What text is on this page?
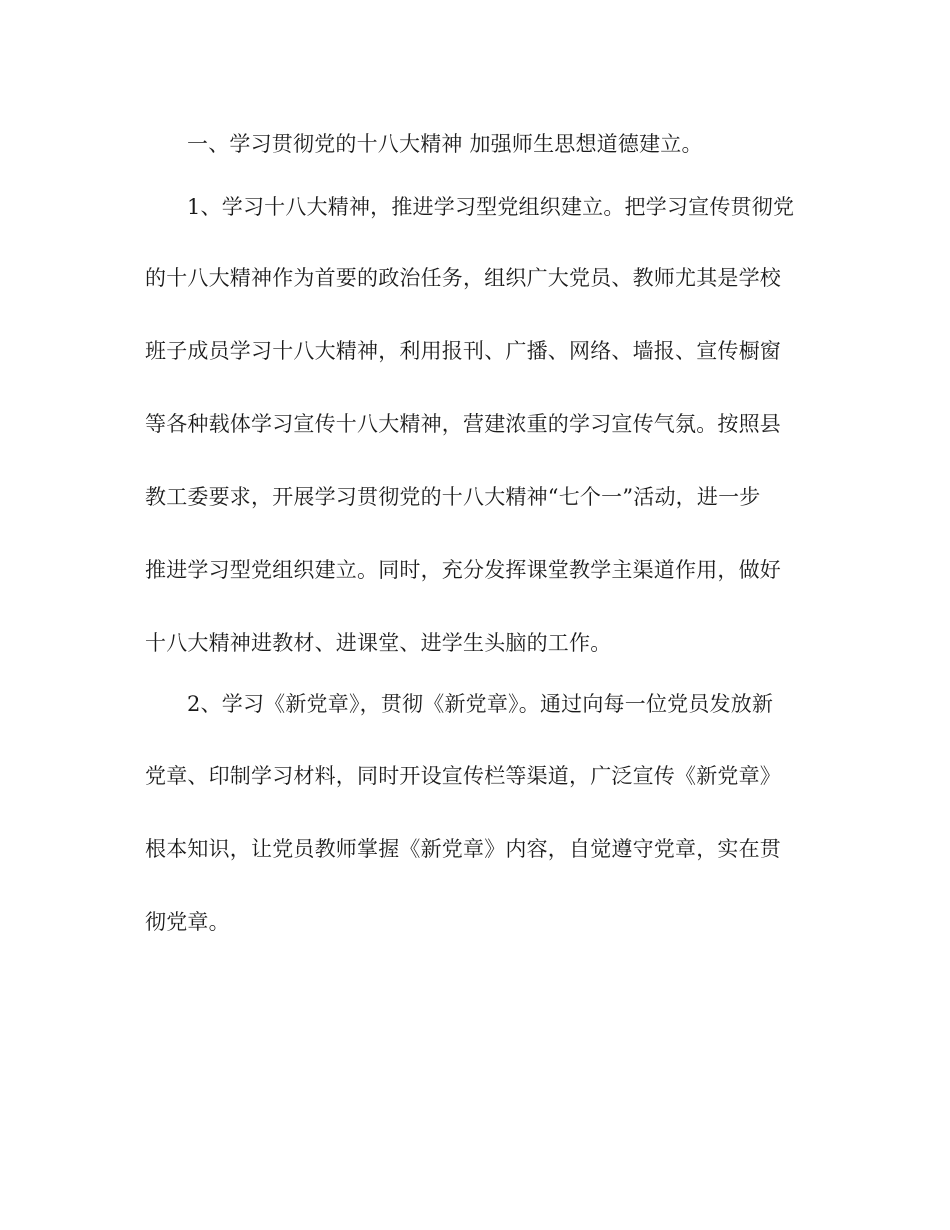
一、学习贯彻党的十八大精神 加强师生思想道德建立。
1、学习十八大精神，推进学习型党组织建立。把学习宣传贯彻党
的十八大精神作为首要的政治任务，组织广大党员、教师尤其是学校
班子成员学习十八大精神，利用报刊、广播、网络、墙报、宣传橱窗
等各种载体学习宣传十八大精神，营建浓重的学习宣传气氛。按照县
教工委要求，开展学习贯彻党的十八大精神“七个一”活动，进一步
推进学习型党组织建立。同时，充分发挥课堂教学主渠道作用，做好
十八大精神进教材、进课堂、进学生头脑的工作。
2、学习《新党章》，贯彻《新党章》。通过向每一位党员发放新
党章、印制学习材料，同时开设宣传栏等渠道，广泛宣传《新党章》
根本知识，让党员教师掌握《新党章》内容，自觉遵守党章，实在贯
彻党章。
